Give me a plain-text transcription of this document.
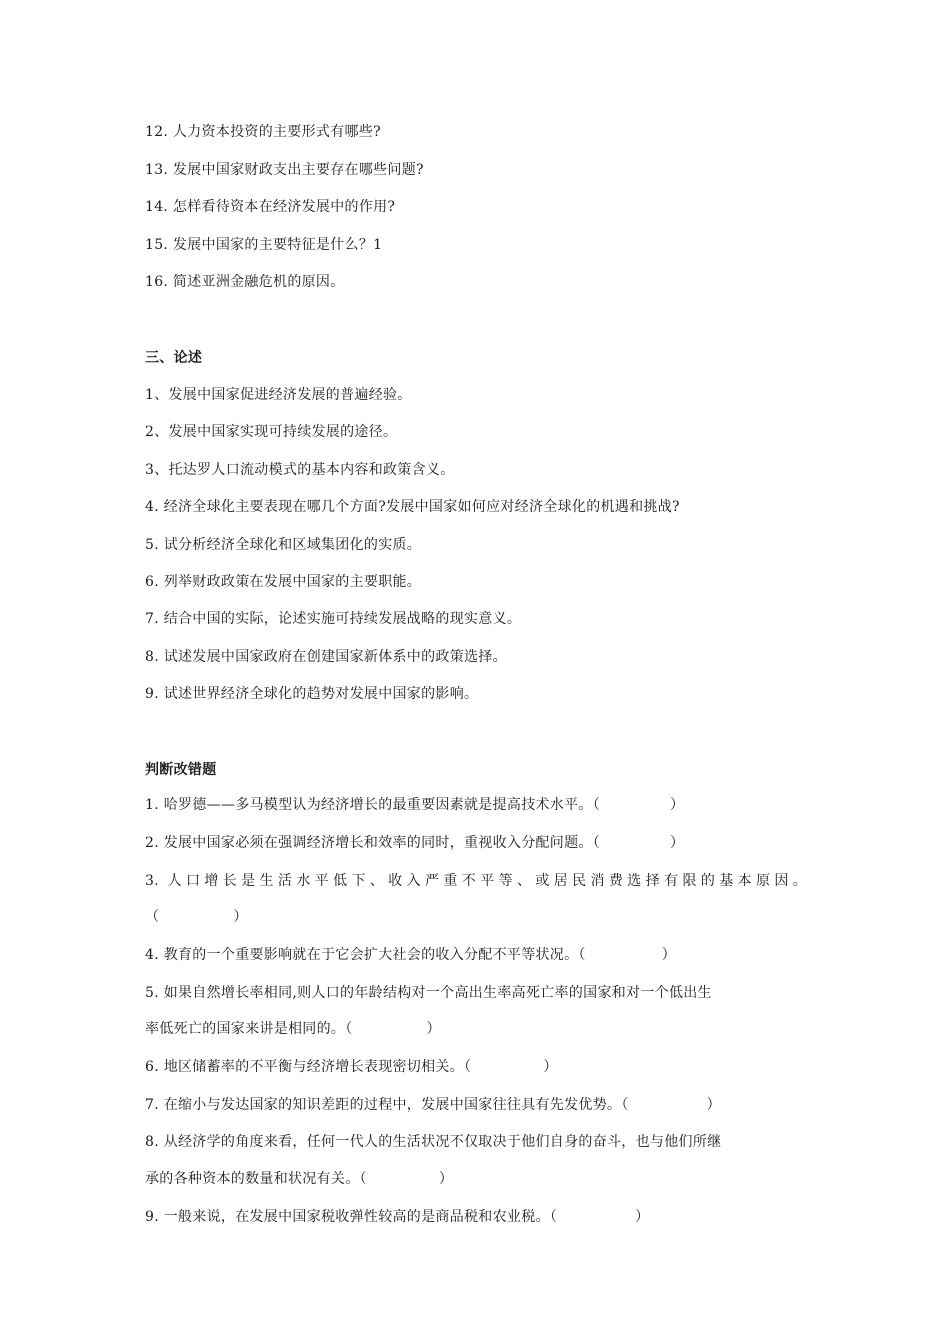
12. 人力资本投资的主要形式有哪些?
13. 发展中国家财政支出主要存在哪些问题?
14. 怎样看待资本在经济发展中的作用?
15. 发展中国家的主要特征是什么？1
16. 简述亚洲金融危机的原因。
三、论述
1、发展中国家促进经济发展的普遍经验。
2、发展中国家实现可持续发展的途径。
3、托达罗人口流动模式的基本内容和政策含义。
4. 经济全球化主要表现在哪几个方面?发展中国家如何应对经济全球化的机遇和挑战?
5. 试分析经济全球化和区域集团化的实质。
6. 列举财政政策在发展中国家的主要职能。
7. 结合中国的实际，论述实施可持续发展战略的现实意义。
8. 试述发展中国家政府在创建国家新体系中的政策选择。
9. 试述世界经济全球化的趋势对发展中国家的影响。
判断改错题
1. 哈罗德——多马模型认为经济增长的最重要因素就是提高技术水平。（	）
2. 发展中国家必须在强调经济增长和效率的同时，重视收入分配问题。（	）
3. 人口增长是生活水平低下、收入严重不平等、或居民消费选择有限的基本原因。
（	）
4. 教育的一个重要影响就在于它会扩大社会的收入分配不平等状况。（	）
5. 如果自然增长率相同,则人口的年龄结构对一个高出生率高死亡率的国家和对一个低出生
率低死亡的国家来讲是相同的。（	）
6. 地区储蓄率的不平衡与经济增长表现密切相关。（	）
7. 在缩小与发达国家的知识差距的过程中，发展中国家往往具有先发优势。（	）
8. 从经济学的角度来看，任何一代人的生活状况不仅取决于他们自身的奋斗，也与他们所继
承的各种资本的数量和状况有关。（	）
9. 一般来说，在发展中国家税收弹性较高的是商品税和农业税。（	）
